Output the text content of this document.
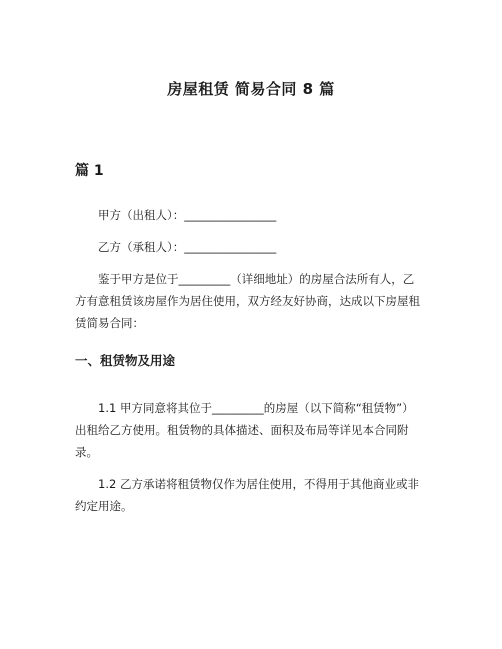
房屋租赁 简易合同 8 篇
篇 1

甲方（出租人）：________________

乙方（承租人）：________________

鉴于甲方是位于_________（详细地址）的房屋合法所有人，乙方有意租赁该房屋作为居住使用，双方经友好协商，达成以下房屋租赁简易合同：

一、租赁物及用途

1.1 甲方同意将其位于_________的房屋（以下简称“租赁物”）出租给乙方使用。租赁物的具体描述、面积及布局等详见本合同附录。

1.2 乙方承诺将租赁物仅作为居住使用，不得用于其他商业或非约定用途。
